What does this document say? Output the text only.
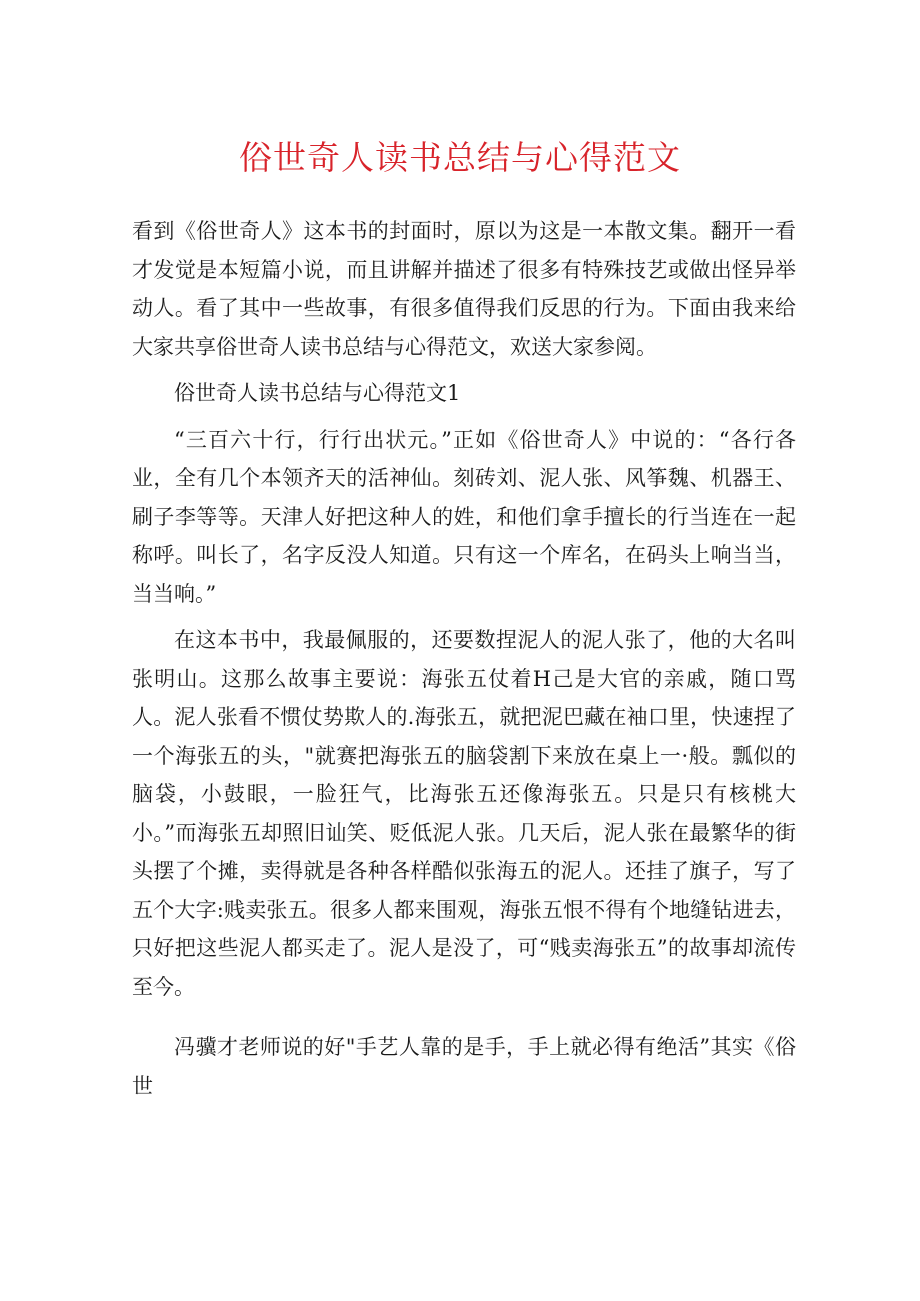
俗世奇人读书总结与心得范文

看到《俗世奇人》这本书的封面时，原以为这是一本散文集。翻开一看才发觉是本短篇小说，而且讲解并描述了很多有特殊技艺或做出怪异举动人。看了其中一些故事，有很多值得我们反思的行为。下面由我来给大家共享俗世奇人读书总结与心得范文，欢送大家参阅。

俗世奇人读书总结与心得范文1

“三百六十行，行行出状元。”正如《俗世奇人》中说的：“各行各业，全有几个本领齐天的活神仙。刻砖刘、泥人张、风筝魏、机器王、刷子李等等。天津人好把这种人的姓，和他们拿手擅长的行当连在一起称呼。叫长了，名字反没人知道。只有这一个库名，在码头上响当当，当当响。”

在这本书中，我最佩服的，还要数捏泥人的泥人张了，他的大名叫张明山。这那么故事主要说：海张五仗着H己是大官的亲戚，随口骂人。泥人张看不惯仗势欺人的.海张五，就把泥巴藏在袖口里，快速捏了一个海张五的头，"就赛把海张五的脑袋割下来放在桌上一·般。瓢似的脑袋，小鼓眼，一脸狂气，比海张五还像海张五。只是只有核桃大小。”而海张五却照旧讪笑、贬低泥人张。几天后，泥人张在最繁华的街头摆了个摊，卖得就是各种各样酷似张海五的泥人。还挂了旗子，写了五个大字:贱卖张五。很多人都来围观，海张五恨不得有个地缝钻进去，只好把这些泥人都买走了。泥人是没了，可“贱卖海张五”的故事却流传至今。

冯骥才老师说的好"手艺人靠的是手，手上就必得有绝活”其实《俗世
